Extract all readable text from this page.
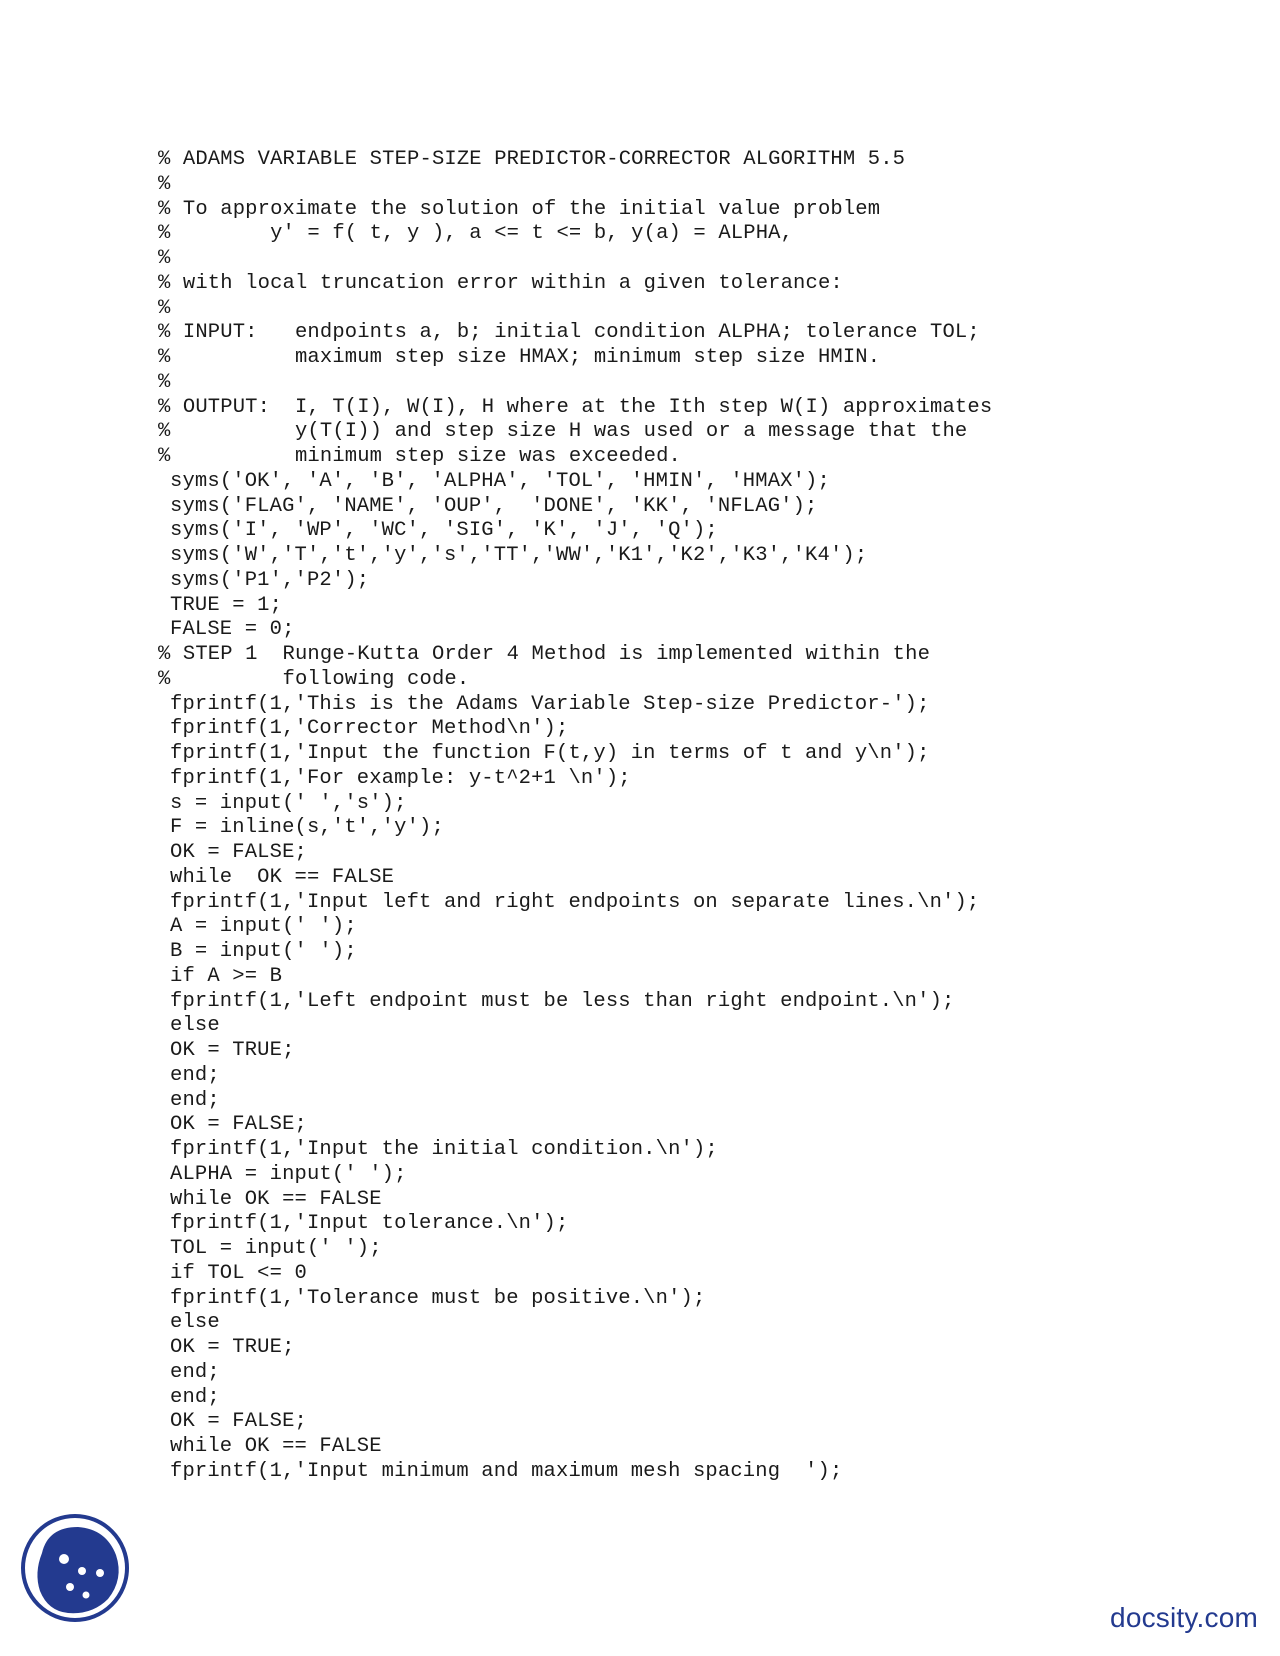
% ADAMS VARIABLE STEP-SIZE PREDICTOR-CORRECTOR ALGORITHM 5.5
%
% To approximate the solution of the initial value problem
%        y' = f( t, y ), a <= t <= b, y(a) = ALPHA,
%
% with local truncation error within a given tolerance:
%
% INPUT:   endpoints a, b; initial condition ALPHA; tolerance TOL;
%          maximum step size HMAX; minimum step size HMIN.
%
% OUTPUT:  I, T(I), W(I), H where at the Ith step W(I) approximates
%          y(T(I)) and step size H was used or a message that the
%          minimum step size was exceeded.
syms('OK', 'A', 'B', 'ALPHA', 'TOL', 'HMIN', 'HMAX');
syms('FLAG', 'NAME', 'OUP',  'DONE', 'KK', 'NFLAG');
syms('I', 'WP', 'WC', 'SIG', 'K', 'J', 'Q');
syms('W','T','t','y','s','TT','WW','K1','K2','K3','K4');
syms('P1','P2');
TRUE = 1;
FALSE = 0;
% STEP 1  Runge-Kutta Order 4 Method is implemented within the
%         following code.
fprintf(1,'This is the Adams Variable Step-size Predictor-');
fprintf(1,'Corrector Method\n');
fprintf(1,'Input the function F(t,y) in terms of t and y\n');
fprintf(1,'For example: y-t^2+1 \n');
s = input(' ','s');
F = inline(s,'t','y');
OK = FALSE;
while  OK == FALSE
fprintf(1,'Input left and right endpoints on separate lines.\n');
A = input(' ');
B = input(' ');
if A >= B
fprintf(1,'Left endpoint must be less than right endpoint.\n');
else
OK = TRUE;
end;
end;
OK = FALSE;
fprintf(1,'Input the initial condition.\n');
ALPHA = input(' ');
while OK == FALSE
fprintf(1,'Input tolerance.\n');
TOL = input(' ');
if TOL <= 0
fprintf(1,'Tolerance must be positive.\n');
else
OK = TRUE;
end;
end;
OK = FALSE;
while OK == FALSE
fprintf(1,'Input minimum and maximum mesh spacing  ');
docsity.com
